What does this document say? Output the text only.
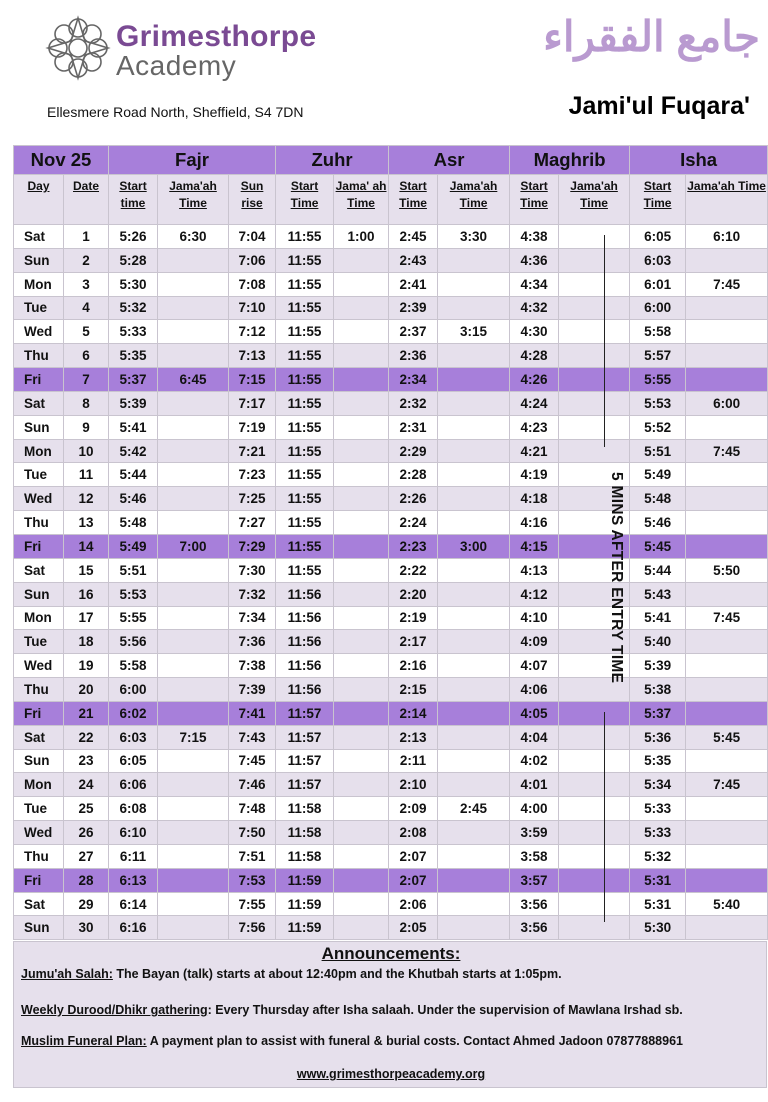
Grimesthorpe
Academy
جامع الفقراء
Ellesmere Road North, Sheffield, S4 7DN	Jami'ul Fuqara'
Nov 25		Fajr			Zuhr		Asr		Maghrib		Isha	
Day	Date	Start time	Jama'ah Time	Sun rise	Start Time	Jama' ah Time	Start Time	Jama'ah Time	Start Time	Jama'ah Time	Start Time	Jama'ah Time
Sat	1	5:26	6:30	7:04	11:55	1:00	2:45	3:30	4:38		6:05	6:10
Sun	2	5:28		7:06	11:55		2:43		4:36		6:03	
Mon	3	5:30		7:08	11:55		2:41		4:34		6:01	7:45
Tue	4	5:32		7:10	11:55		2:39		4:32		6:00	
Wed	5	5:33		7:12	11:55		2:37	3:15	4:30		5:58	
Thu	6	5:35		7:13	11:55		2:36		4:28		5:57	
Fri	7	5:37	6:45	7:15	11:55		2:34		4:26		5:55	
Sat	8	5:39		7:17	11:55		2:32		4:24		5:53	6:00
Sun	9	5:41		7:19	11:55		2:31		4:23		5:52	
Mon	10	5:42		7:21	11:55		2:29		4:21		5:51	7:45
Tue	11	5:44		7:23	11:55		2:28		4:19		5:49	
Wed	12	5:46		7:25	11:55		2:26		4:18		5:48	
Thu	13	5:48		7:27	11:55		2:24		4:16		5:46	
Fri	14	5:49	7:00	7:29	11:55		2:23	3:00	4:15		5:45	
Sat	15	5:51		7:30	11:55		2:22		4:13		5:44	5:50
Sun	16	5:53		7:32	11:56		2:20		4:12		5:43	
Mon	17	5:55		7:34	11:56		2:19		4:10		5:41	7:45
Tue	18	5:56		7:36	11:56		2:17		4:09		5:40	
Wed	19	5:58		7:38	11:56		2:16		4:07		5:39	
Thu	20	6:00		7:39	11:56		2:15		4:06		5:38	
Fri	21	6:02		7:41	11:57		2:14		4:05		5:37	
Sat	22	6:03	7:15	7:43	11:57		2:13		4:04		5:36	5:45
Sun	23	6:05		7:45	11:57		2:11		4:02		5:35	
Mon	24	6:06		7:46	11:57		2:10		4:01		5:34	7:45
Tue	25	6:08		7:48	11:58		2:09	2:45	4:00		5:33	
Wed	26	6:10		7:50	11:58		2:08		3:59		5:33	
Thu	27	6:11		7:51	11:58		2:07		3:58		5:32	
Fri	28	6:13		7:53	11:59		2:07		3:57		5:31	
Sat	29	6:14		7:55	11:59		2:06		3:56		5:31	5:40
Sun	30	6:16		7:56	11:59		2:05		3:56		5:30	
5 MINS AFTER ENTRY TIME
Announcements:
Jumu'ah Salah: The Bayan (talk) starts at about 12:40pm and the Khutbah starts at 1:05pm.
Weekly Durood/Dhikr gathering: Every Thursday after Isha salaah. Under the supervision of Mawlana Irshad sb.
Muslim Funeral Plan: A payment plan to assist with funeral & burial costs. Contact Ahmed Jadoon 07877888961
www.grimesthorpeacademy.org
